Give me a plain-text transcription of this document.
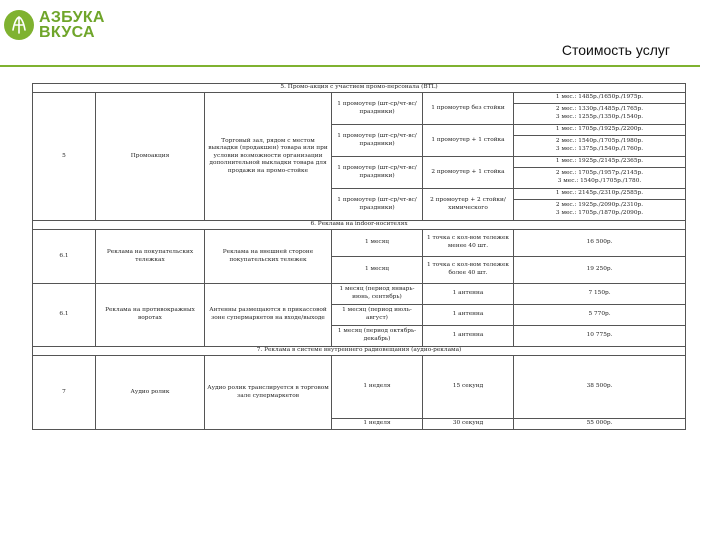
АЗБУКА
ВКУСА
Стоимость услуг
5. Промо-акция с участием промо-персонала (BTL)					
5	Промоакция	Торговый зал, рядом с местом выкладки (продакшен) товара или при условии возможности организации дополнительной выкладки товара для продажи на промо-стойке	1 промоутер (шт-ср/чт-вс/праздники)	1 промоутер без стойки	1 мес.: 1485р./1650р./1975р.
					2 мес.: 1330р./1485р./1765р.
3 мес.: 1255р./1350р./1540р.
			1 промоутер (шт-ср/чт-вс/праздники)	1 промоутер + 1 стойка	1 мес.: 1705р./1925р./2200р.
					2 мес.: 1540р./1705р./1980р.
3 мес.: 1375р./1540р./1760р.
			1 промоутер (шт-ср/чт-вс/праздники)	2 промоутер + 1 стойка	1 мес.: 1925р./2145р./2365р.
					2 мес.: 1705р./1957р./2145р.
3 мес.: 1540р./1705р./1780.
			1 промоутер (шт-ср/чт-вс/праздники)	2 промоутер + 2 стойки/ химического	1 мес.: 2145р./2310р./2585р.
					2 мес.: 1925р./2090р./2310р.
3 мес.: 1705р./1870р./2090р.
6. Реклама на indoor-носителях					
6.1	Реклама на покупательских тележках	Реклама на внешней стороне покупательских тележек	1 месяц	1 точка с кол-вом тележек менее 40 шт.	16 500р.
			1 месяц	1 точка с кол-вом тележек более 40 шт.	19 250р.
6.1	Реклама на противокражных воротах	Антенны размещаются в прикассовой зоне супермаркетов на входе/выходе	1 месяц (период январь-июнь, сентябрь)	1 антенна	7 150р.
			1 месяц (период июль-август)	1 антенна	5 770р.
			1 месяц (период октябрь-декабрь)	1 антенна	10 775р.
7. Реклама в системе внутреннего радиовещания (аудио-реклама)					
7	Аудио ролик	Аудио ролик транслируется в торговом зале супермаркетов	1 неделя	15 секунд	38 500р.
			1 неделя	30 секунд	55 000р.
